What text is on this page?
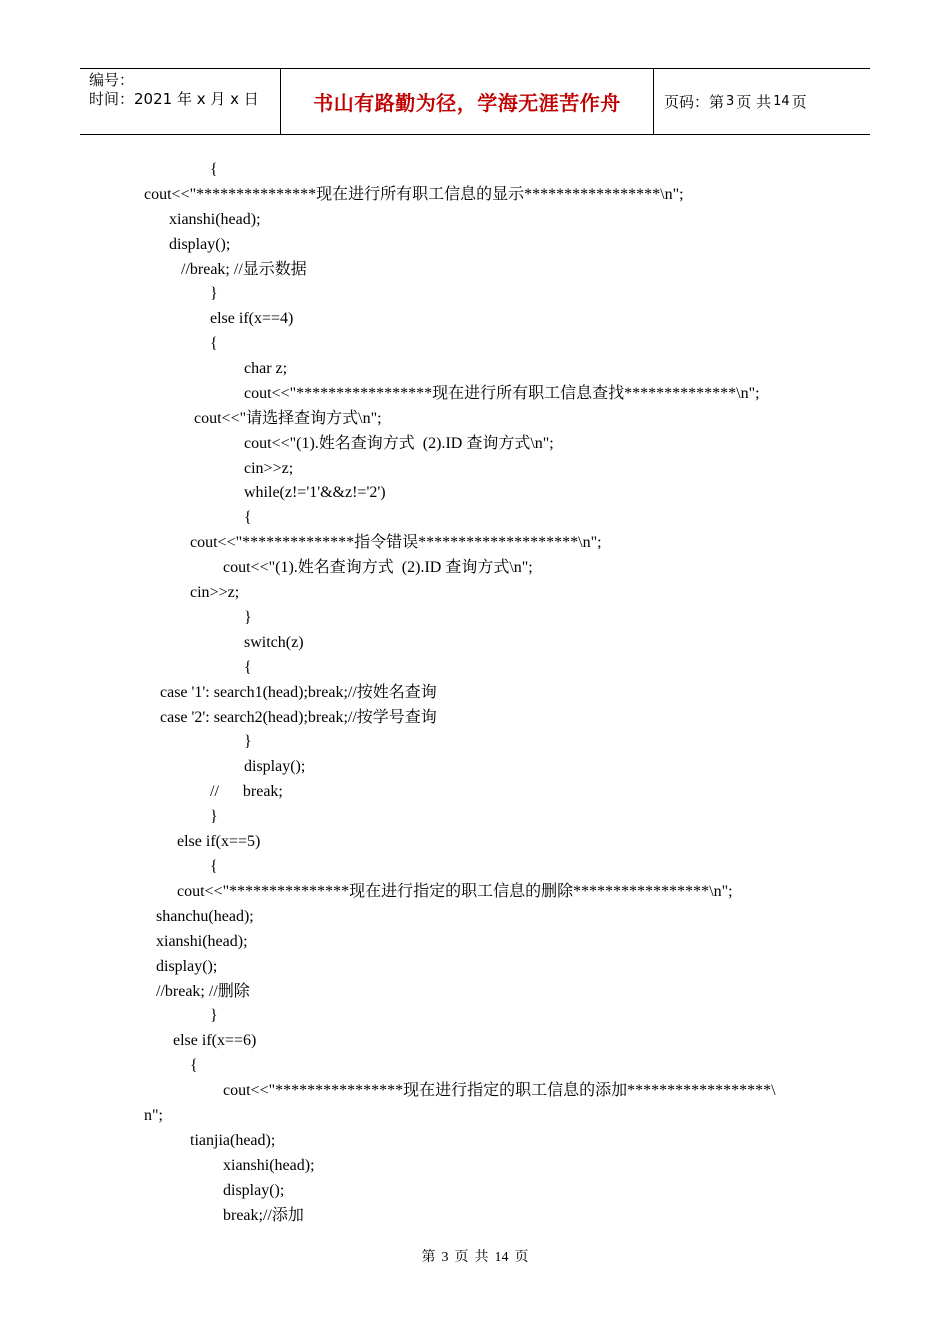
编号：
时间：2021 年 x 月 x 日	书山有路勤为径，学海无涯苦作舟	页码：第 3 页 共 14 页
{
cout<<"***************现在进行所有职工信息的显示*****************\n";
xianshi(head);
display();
//break; //显示数据
}
else if(x==4)
{
char z;
cout<<"*****************现在进行所有职工信息查找**************\n";
cout<<"请选择查询方式\n";
cout<<"(1).姓名查询方式  (2).ID 查询方式\n";
cin>>z;
while(z!='1'&&z!='2')
{
cout<<"**************指令错误********************\n";
cout<<"(1).姓名查询方式  (2).ID 查询方式\n";
cin>>z;
}
switch(z)
{
case '1': search1(head);break;//按姓名查询
case '2': search2(head);break;//按学号查询
}
display();
//      break;
}
else if(x==5)
{
cout<<"***************现在进行指定的职工信息的删除*****************\n";
shanchu(head);
xianshi(head);
display();
//break; //删除
}
else if(x==6)
{
cout<<"****************现在进行指定的职工信息的添加******************\
n";
tianjia(head);
xianshi(head);
display();
break;//添加
第 3 页 共 14 页
